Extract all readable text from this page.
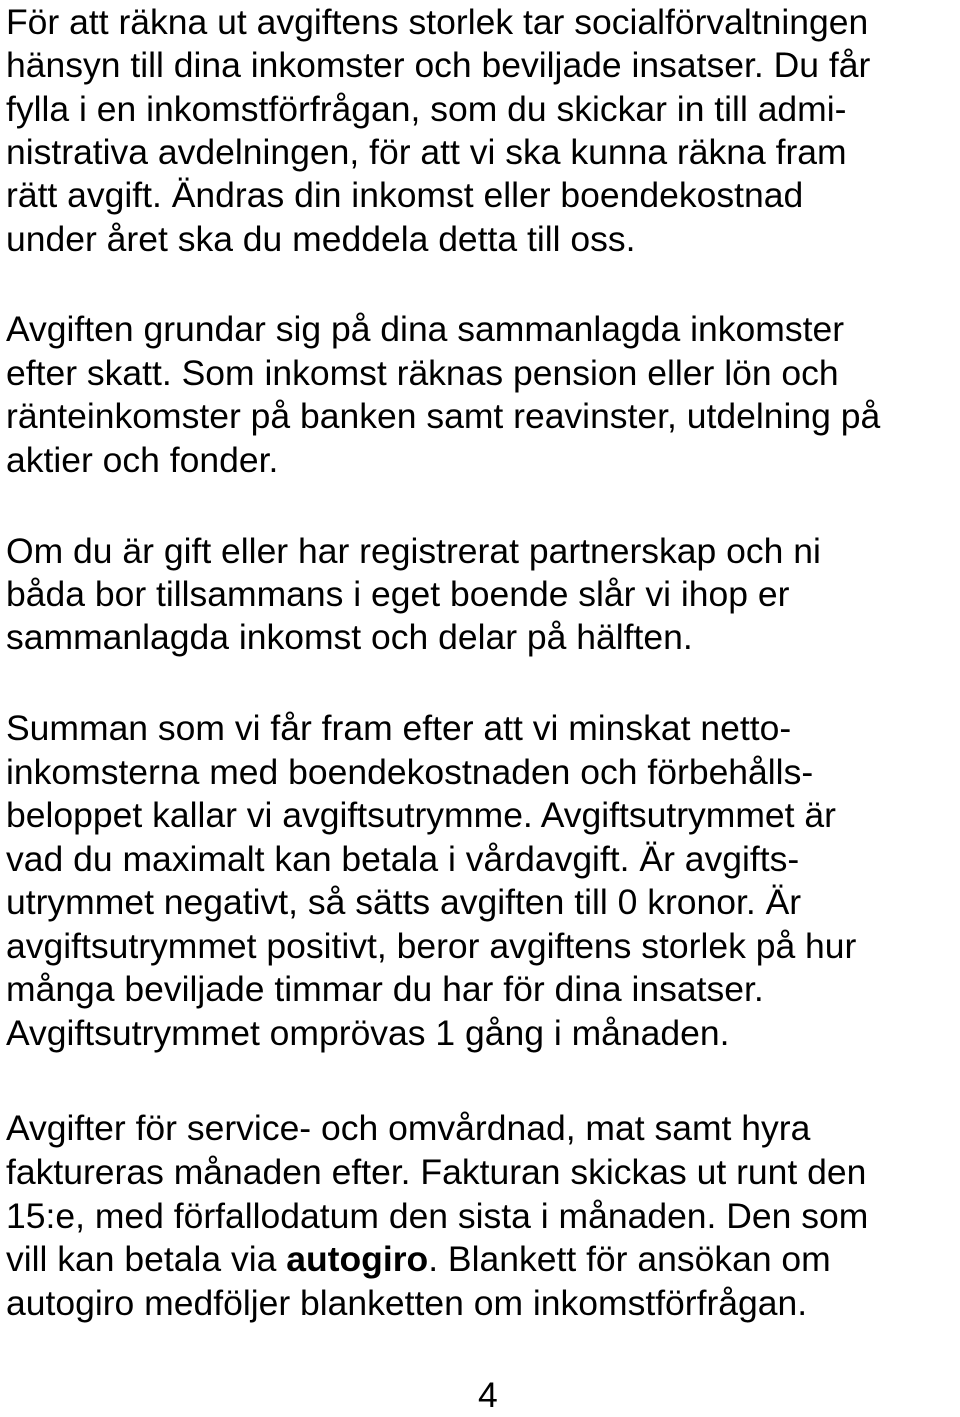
För att räkna ut avgiftens storlek tar socialförvaltningen
hänsyn till dina inkomster och beviljade insatser. Du får
fylla i en inkomstförfrågan, som du skickar in till admi-
nistrativa avdelningen, för att vi ska kunna räkna fram
rätt avgift. Ändras din inkomst eller boendekostnad
under året ska du meddela detta till oss.
Avgiften grundar sig på dina sammanlagda inkomster
efter skatt. Som inkomst räknas pension eller lön och
ränteinkomster på banken samt reavinster, utdelning på
aktier och fonder.
Om du är gift eller har registrerat partnerskap och ni
båda bor tillsammans i eget boende slår vi ihop er
sammanlagda inkomst och delar på hälften.
Summan som vi får fram efter att vi minskat netto-
inkomsterna med boendekostnaden och förbehålls-
beloppet kallar vi avgiftsutrymme. Avgiftsutrymmet är
vad du maximalt kan betala i vårdavgift. Är avgifts-
utrymmet negativt, så sätts avgiften till 0 kronor. Är
avgiftsutrymmet positivt, beror avgiftens storlek på hur
många beviljade timmar du har för dina insatser.
Avgiftsutrymmet omprövas 1 gång i månaden.
Avgifter för service- och omvårdnad, mat samt hyra
faktureras månaden efter. Fakturan skickas ut runt den
15:e, med förfallodatum den sista i månaden. Den som
vill kan betala via autogiro. Blankett för ansökan om
autogiro medföljer blanketten om inkomstförfrågan.
4
